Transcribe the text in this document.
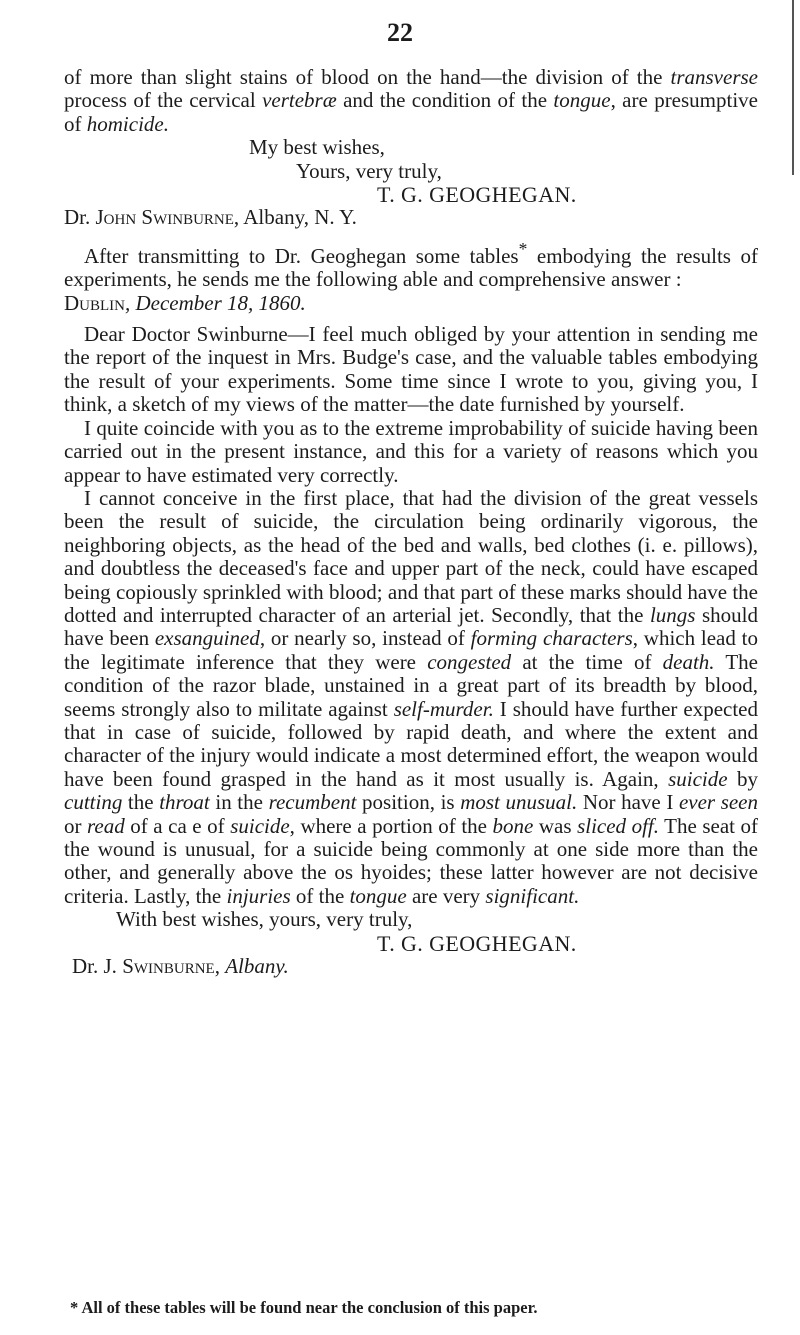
22

of more than slight stains of blood on the hand—the division of the transverse process of the cervical vertebræ and the condition of the tongue, are presumptive of homicide.

My best wishes,

Yours, very truly,

T. G. GEOGHEGAN.

Dr. John Swinburne, Albany, N. Y.

After transmitting to Dr. Geoghegan some tables* embodying the results of experiments, he sends me the following able and comprehensive answer :

Dublin, December 18, 1860.

Dear Doctor Swinburne—I feel much obliged by your attention in sending me the report of the inquest in Mrs. Budge's case, and the valuable tables embodying the result of your experiments. Some time since I wrote to you, giving you, I think, a sketch of my views of the matter—the date furnished by yourself.

I quite coincide with you as to the extreme improbability of suicide having been carried out in the present instance, and this for a variety of reasons which you appear to have estimated very correctly.

I cannot conceive in the first place, that had the division of the great vessels been the result of suicide, the circulation being ordinarily vigorous, the neighboring objects, as the head of the bed and walls, bed clothes (i. e. pillows), and doubtless the deceased's face and upper part of the neck, could have escaped being copiously sprinkled with blood; and that part of these marks should have the dotted and interrupted character of an arterial jet. Secondly, that the lungs should have been exsanguined, or nearly so, instead of forming characters, which lead to the legitimate inference that they were congested at the time of death. The condition of the razor blade, unstained in a great part of its breadth by blood, seems strongly also to militate against self-murder. I should have further expected that in case of suicide, followed by rapid death, and where the extent and character of the injury would indicate a most determined effort, the weapon would have been found grasped in the hand as it most usually is. Again, suicide by cutting the throat in the recumbent position, is most unusual. Nor have I ever seen or read of a ca e of suicide, where a portion of the bone was sliced off. The seat of the wound is unusual, for a suicide being commonly at one side more than the other, and generally above the os hyoides; these latter however are not decisive criteria. Lastly, the injuries of the tongue are very significant.

With best wishes, yours, very truly,

T. G. GEOGHEGAN.

Dr. J. Swinburne, Albany.

* All of these tables will be found near the conclusion of this paper.
